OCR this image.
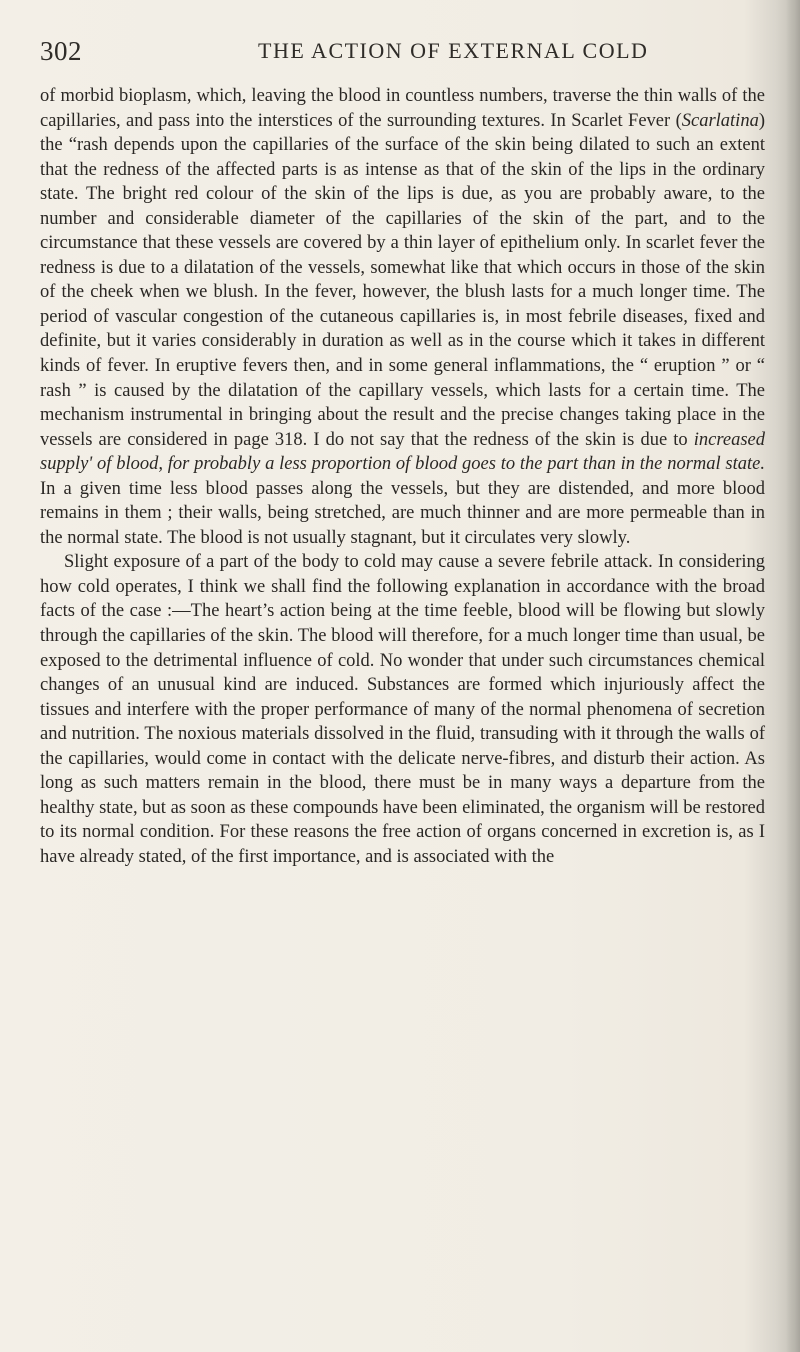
302	THE ACTION OF EXTERNAL COLD

of morbid bioplasm, which, leaving the blood in countless numbers, traverse the thin walls of the capillaries, and pass into the interstices of the surrounding textures. In Scarlet Fever (Scarlatina) the “rash depends upon the capillaries of the surface of the skin being dilated to such an extent that the redness of the affected parts is as intense as that of the skin of the lips in the ordinary state. The bright red colour of the skin of the lips is due, as you are probably aware, to the number and considerable diameter of the capillaries of the skin of the part, and to the circumstance that these vessels are covered by a thin layer of epithelium only. In scarlet fever the redness is due to a dilatation of the vessels, somewhat like that which occurs in those of the skin of the cheek when we blush. In the fever, however, the blush lasts for a much longer time. The period of vascular congestion of the cutaneous capillaries is, in most febrile diseases, fixed and definite, but it varies considerably in duration as well as in the course which it takes in different kinds of fever. In eruptive fevers then, and in some general inflammations, the “ eruption ” or “ rash ” is caused by the dilatation of the capillary vessels, which lasts for a certain time. The mechanism instrumental in bringing about the result and the precise changes taking place in the vessels are considered in page 318. I do not say that the redness of the skin is due to increased supply' of blood, for probably a less proportion of blood goes to the part than in the normal state. In a given time less blood passes along the vessels, but they are distended, and more blood remains in them ; their walls, being stretched, are much thinner and are more permeable than in the normal state. The blood is not usually stagnant, but it circulates very slowly.

Slight exposure of a part of the body to cold may cause a severe febrile attack. In considering how cold operates, I think we shall find the following explanation in accordance with the broad facts of the case :—The heart’s action being at the time feeble, blood will be flowing but slowly through the capillaries of the skin. The blood will therefore, for a much longer time than usual, be exposed to the detrimental influence of cold. No wonder that under such circumstances chemical changes of an unusual kind are induced. Substances are formed which injuriously affect the tissues and interfere with the proper performance of many of the normal phenomena of secretion and nutrition. The noxious materials dissolved in the fluid, transuding with it through the walls of the capillaries, would come in contact with the delicate nerve-fibres, and disturb their action. As long as such matters remain in the blood, there must be in many ways a departure from the healthy state, but as soon as these compounds have been eliminated, the organism will be restored to its normal condition. For these reasons the free action of organs concerned in excretion is, as I have already stated, of the first importance, and is associated with the
